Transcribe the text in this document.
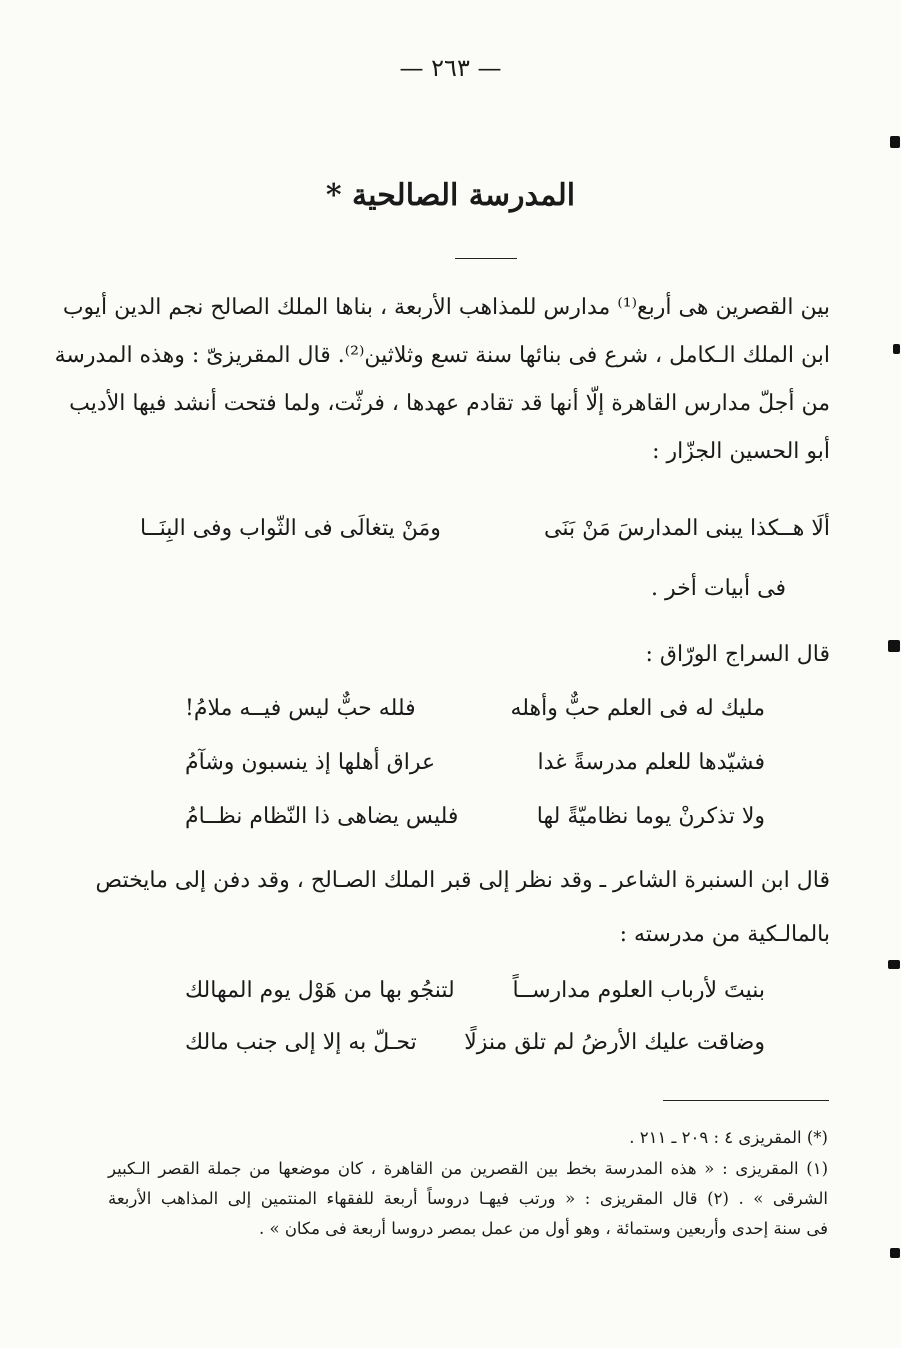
— ٢٦٣ —
المدرسة الصالحية *
بين القصرين هى أربع⁽¹⁾ مدارس للمذاهب الأربعة ، بناها الملك الصالح نجم الدين أيوب
ابن الملك الـكامل ، شرع فى بنائها سنة تسع وثلاثين⁽²⁾. قال المقريزىّ : وهذه المدرسة
من أجلّ مدارس القاهرة إلّا أنها قد تقادم عهدها ، فرثّت، ولما فتحت أنشد فيها الأديب
أبو الحسين الجزّار :
ألَا هــكذا يبنى المدارسَ مَنْ بَنَى
ومَنْ يتغالَى فى الثّواب وفى البِنَــا
فى أبيات أخر .
قال السراج الورّاق :
مليك له فى العلم حبٌّ وأهله
فلله حبٌّ ليس فيــه ملامُ!
فشيّدها للعلم مدرسةً غدا
عراق أهلها إذ ينسبون وشآمُ
ولا تذكرنْ يوما نظاميّةً لها
فليس يضاهى ذا النّظام نظــامُ
قال ابن السنبرة الشاعر ـ وقد نظر إلى قبر الملك الصـالح ، وقد دفن إلى مايختص
بالمالـكية من مدرسته :
بنيتَ لأرباب العلوم مدارســاً
لتنجُو بها من هَوْل يوم المهالك
وضاقت عليك الأرضُ لم تلق منزلًا
تحـلّ به إلا إلى جنب مالك
(*) المقريزى ٤ : ٢٠٩ ـ ٢١١ .
(١) المقريزى : « هذه المدرسة بخط بين القصرين من القاهرة ، كان موضعها من جملة القصر الـكبير
الشرقى » . (٢) قال المقريزى : « ورتب فيهـا دروساً أربعة للفقهاء المنتمين إلى المذاهب الأربعة
فى سنة إحدى وأربعين وستمائة ، وهو أول من عمل بمصر دروسا أربعة فى مكان » .
